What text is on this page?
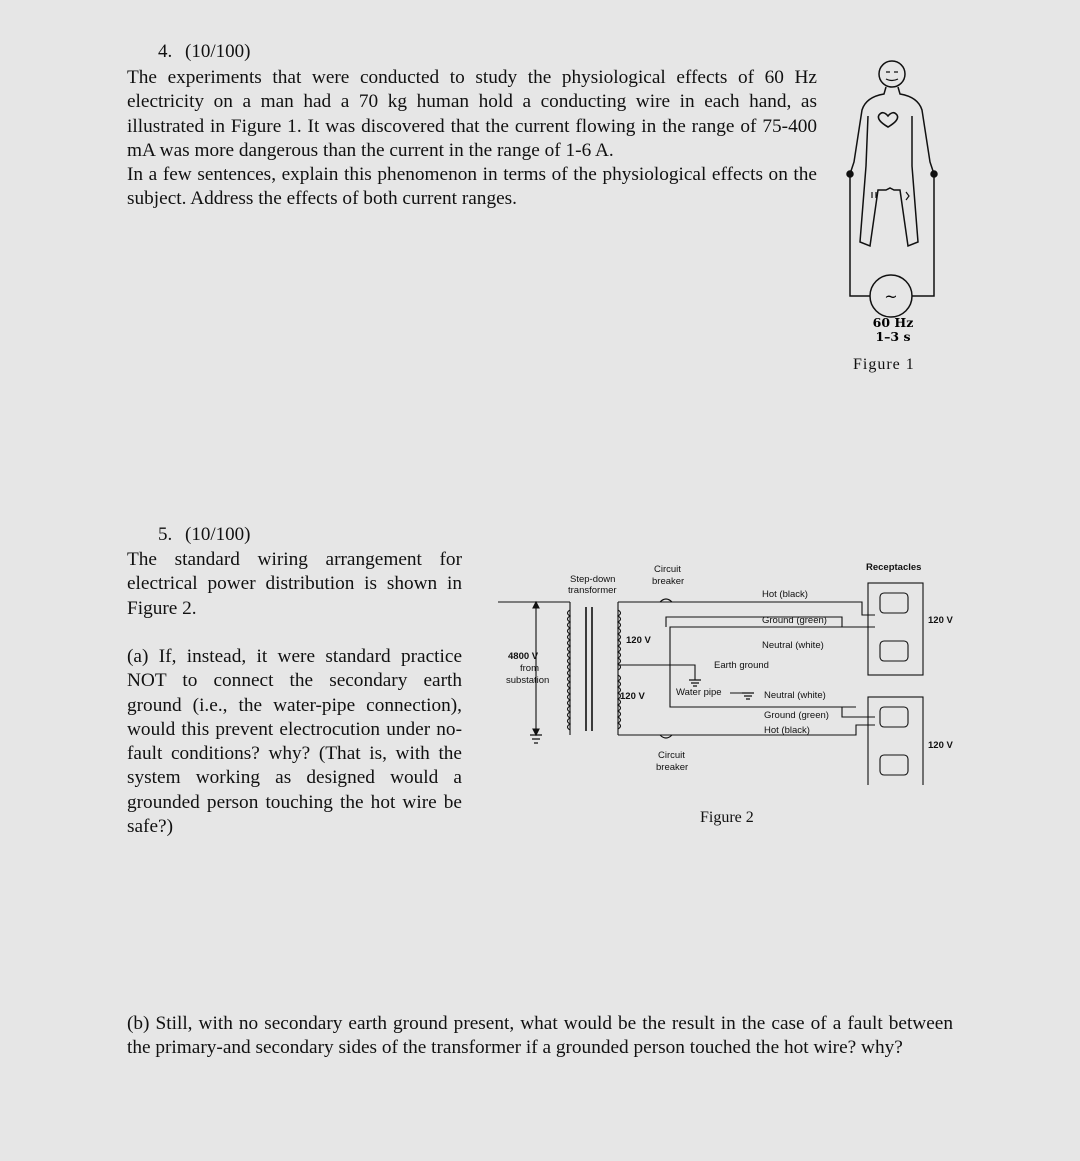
4. (10/100)

The experiments that were conducted to study the physiological effects of 60 Hz electricity on a man had a 70 kg human hold a conducting wire in each hand, as illustrated in Figure 1. It was discovered that the current flowing in the range of 75-400 mA was more dangerous than the current in the range of 1-6 A.

In a few sentences, explain this phenomenon in terms of the physiological effects on the subject. Address the effects of both current ranges.

~
60 Hz
1–3 s
Figure 1
5. (10/100)

The standard wiring arrangement for electrical power distribution is shown in Figure 2.

(a) If, instead, it were standard practice NOT to connect the secondary earth ground (i.e., the water-pipe connection), would this prevent electrocution under no-fault conditions? why? (That is, with the system working as designed would a grounded person touching the hot wire be safe?)

(b) Still, with no secondary earth ground present, what would be the result in the case of a fault between the primary-and secondary sides of the transformer if a grounded person touched the hot wire? why?

4800 V
from
substation
Step-down
transformer
Circuit
breaker
Circuit
breaker
120 V
120 V
Earth ground
Water pipe
Hot (black)
Ground (green)
Neutral (white)
Neutral (white)
Ground (green)
Hot (black)
Receptacles
120 V
120 V
Figure 2
